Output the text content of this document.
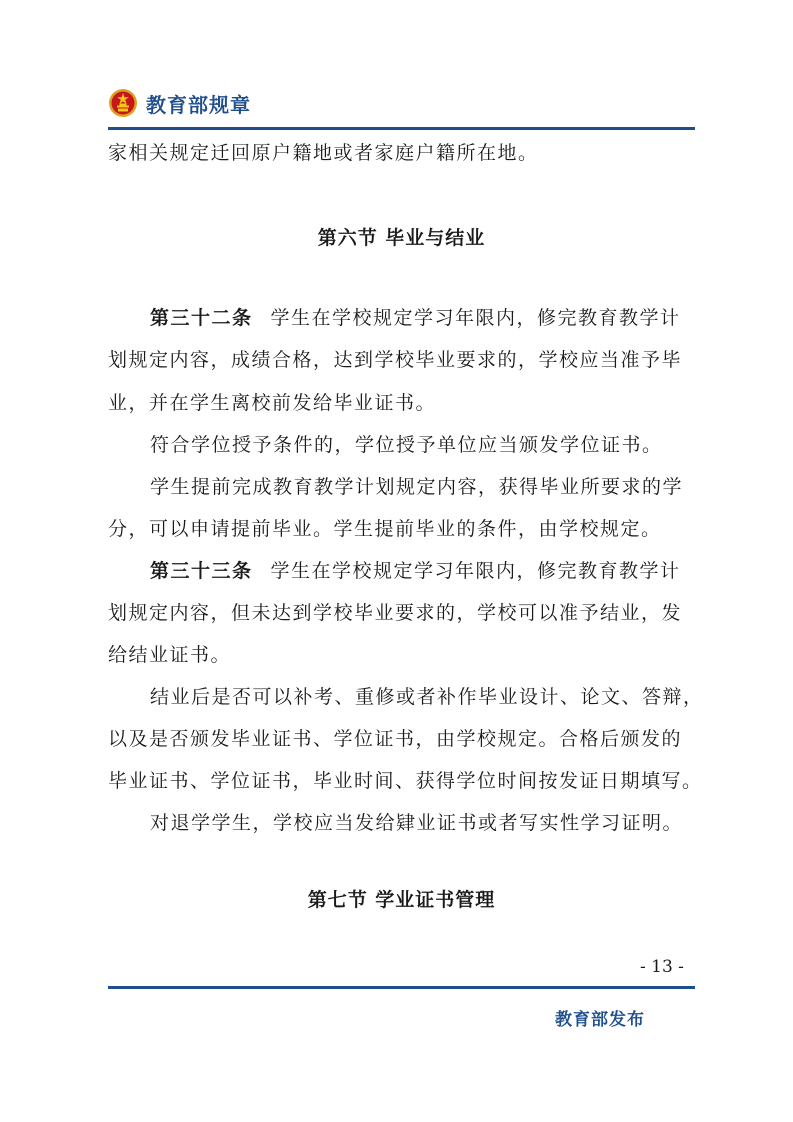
教育部规章
家相关规定迁回原户籍地或者家庭户籍所在地。
第六节 毕业与结业
第三十二条 学生在学校规定学习年限内，修完教育教学计
划规定内容，成绩合格，达到学校毕业要求的，学校应当准予毕
业，并在学生离校前发给毕业证书。
符合学位授予条件的，学位授予单位应当颁发学位证书。
学生提前完成教育教学计划规定内容，获得毕业所要求的学
分，可以申请提前毕业。学生提前毕业的条件，由学校规定。
第三十三条 学生在学校规定学习年限内，修完教育教学计
划规定内容，但未达到学校毕业要求的，学校可以准予结业，发
给结业证书。
结业后是否可以补考、重修或者补作毕业设计、论文、答辩，
以及是否颁发毕业证书、学位证书，由学校规定。合格后颁发的
毕业证书、学位证书，毕业时间、获得学位时间按发证日期填写。
对退学学生，学校应当发给肄业证书或者写实性学习证明。
第七节 学业证书管理
- 13 -
教育部发布
